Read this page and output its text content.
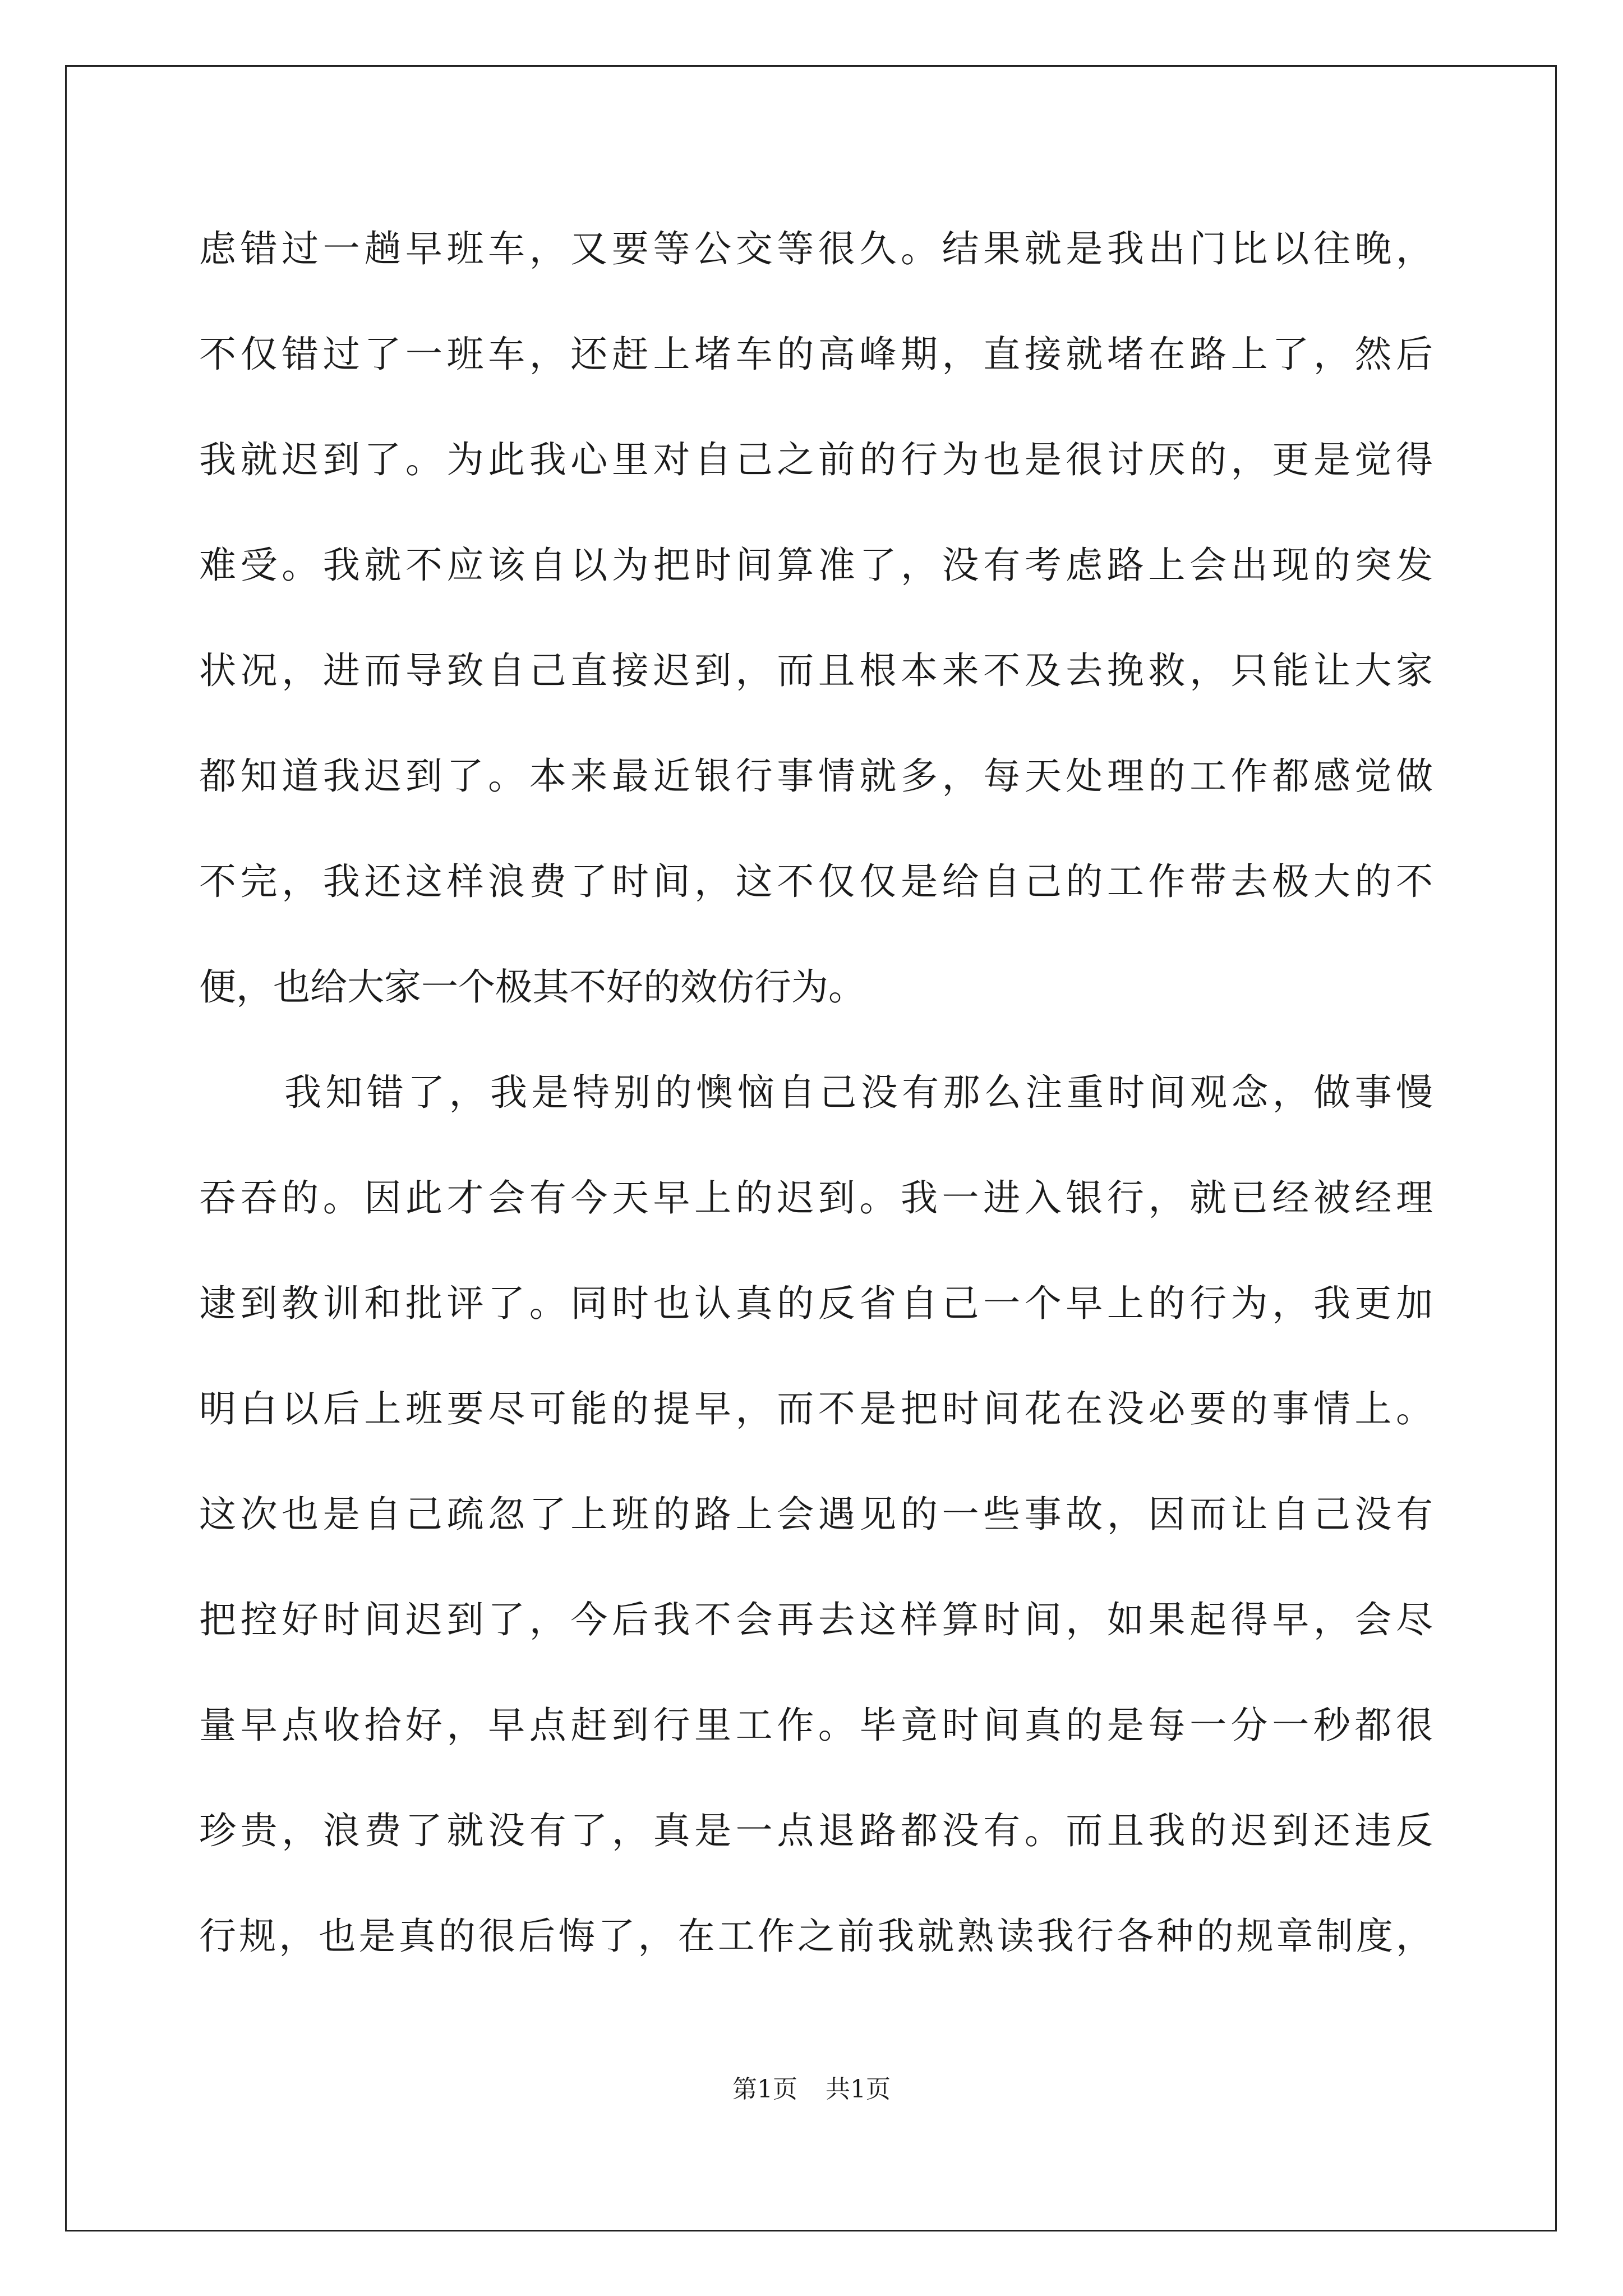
虑错过一趟早班车，又要等公交等很久。结果就是我出门比以往晚，
不仅错过了一班车，还赶上堵车的高峰期，直接就堵在路上了，然后
我就迟到了。为此我心里对自己之前的行为也是很讨厌的，更是觉得
难受。我就不应该自以为把时间算准了，没有考虑路上会出现的突发
状况，进而导致自己直接迟到，而且根本来不及去挽救，只能让大家
都知道我迟到了。本来最近银行事情就多，每天处理的工作都感觉做
不完，我还这样浪费了时间，这不仅仅是给自己的工作带去极大的不
便，也给大家一个极其不好的效仿行为。
我知错了，我是特别的懊恼自己没有那么注重时间观念，做事慢
吞吞的。因此才会有今天早上的迟到。我一进入银行，就已经被经理
逮到教训和批评了。同时也认真的反省自己一个早上的行为，我更加
明白以后上班要尽可能的提早，而不是把时间花在没必要的事情上。
这次也是自己疏忽了上班的路上会遇见的一些事故，因而让自己没有
把控好时间迟到了，今后我不会再去这样算时间，如果起得早，会尽
量早点收拾好，早点赶到行里工作。毕竟时间真的是每一分一秒都很
珍贵，浪费了就没有了，真是一点退路都没有。而且我的迟到还违反
行规，也是真的很后悔了，在工作之前我就熟读我行各种的规章制度，
第1页 共1页
